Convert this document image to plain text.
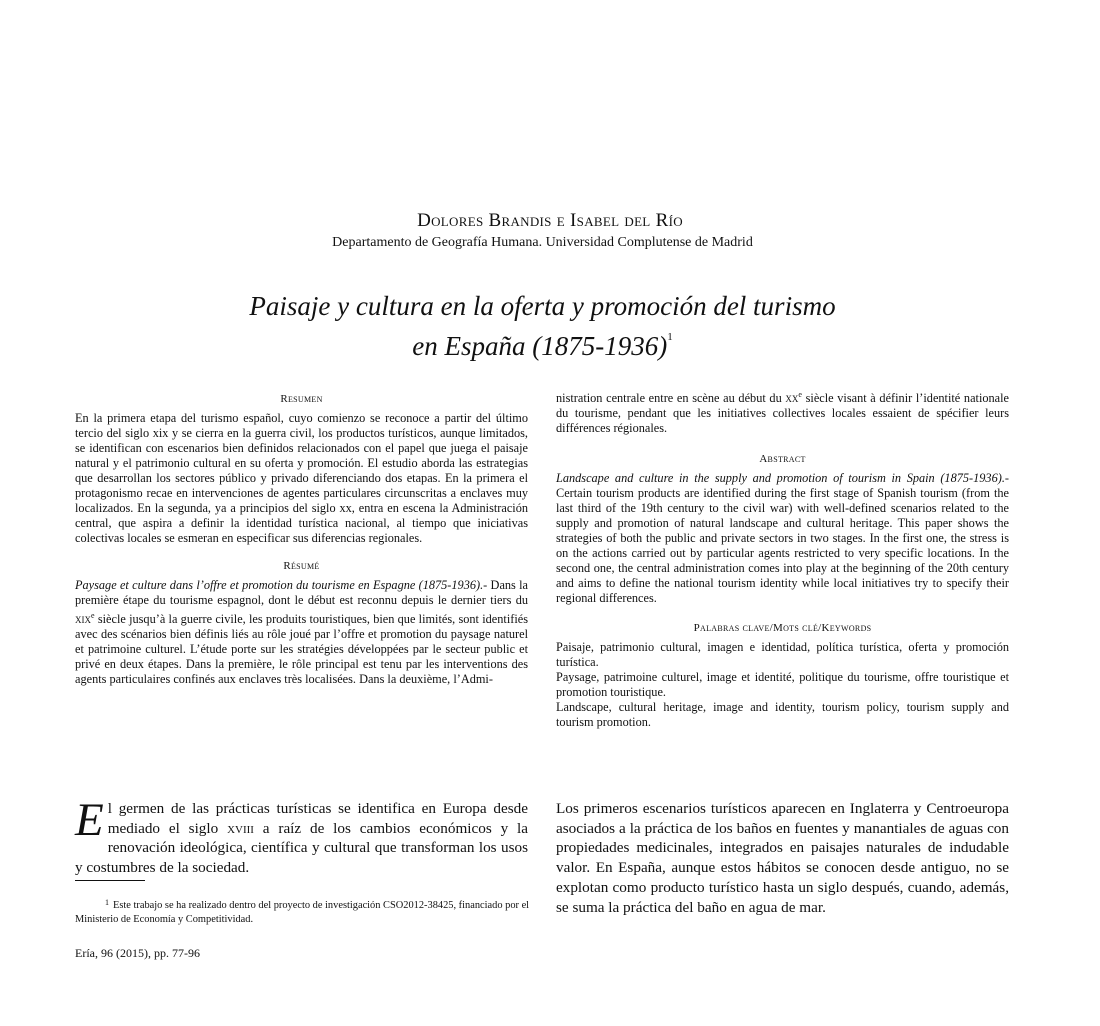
Dolores Brandis e Isabel del Río
Departamento de Geografía Humana. Universidad Complutense de Madrid
Paisaje y cultura en la oferta y promoción del turismo
en España (1875-1936)$^1$
Resumen

En la primera etapa del turismo español, cuyo comienzo se reconoce a partir del último tercio del siglo xix y se cierra en la guerra civil, los productos turísticos, aunque limitados, se identifican con escenarios bien definidos relacionados con el papel que juega el paisaje natural y el patrimonio cultural en su oferta y promoción. El estudio aborda las estrategias que desarrollan los sectores público y privado diferenciando dos etapas. En la primera el protagonismo recae en intervenciones de agentes particulares circunscritas a enclaves muy localizados. En la segunda, ya a principios del siglo xx, entra en escena la Administración central, que aspira a definir la identidad turística nacional, al tiempo que iniciativas colectivas locales se esmeran en especificar sus diferencias regionales.

Résumé

Paysage et culture dans l’offre et promotion du tourisme en Espagne (1875-1936).- Dans la première étape du tourisme espagnol, dont le début est reconnu depuis le dernier tiers du xix$^e$ siècle jusqu’à la guerre civile, les produits touristiques, bien que limités, sont identifiés avec des scénarios bien définis liés au rôle joué par l’offre et promotion du paysage naturel et patrimoine culturel. L’étude porte sur les stratégies développées par le secteur public et privé en deux étapes. Dans la première, le rôle principal est tenu par les interventions des agents particulaires confinés aux enclaves très localisées. Dans la deuxième, l’Admi-

nistration centrale entre en scène au début du $xx^e$ siècle visant à définir l’identité nationale du tourisme, pendant que les initiatives collectives locales essaient de spécifier leurs différences régionales.

Abstract

Landscape and culture in the supply and promotion of tourism in Spain (1875-1936).- Certain tourism products are identified during the first stage of Spanish tourism (from the last third of the 19th century to the civil war) with well-defined scenarios related to the supply and promotion of natural landscape and cultural heritage. This paper shows the strategies of both the public and private sectors in two stages. In the first one, the stress is on the actions carried out by particular agents restricted to very specific locations. In the second one, the central administration comes into play at the beginning of the 20th century and aims to define the national tourism identity while local initiatives try to specify their regional differences.

Palabras clave/Mots clé/Keywords

Paisaje, patrimonio cultural, imagen e identidad, política turística, oferta y promoción turística.

Paysage, patrimoine culturel, image et identité, politique du tourisme, offre touristique et promotion touristique.

Landscape, cultural heritage, image and identity, tourism policy, tourism supply and tourism promotion.

El germen de las prácticas turísticas se identifica en Europa desde mediado el siglo xviii a raíz de los cambios económicos y la renovación ideológica, científica y cultural que transforman los usos y costumbres de la sociedad.
Los primeros escenarios turísticos aparecen en Inglaterra y Centroeuropa asociados a la práctica de los baños en fuentes y manantiales de aguas con propiedades medicinales, integrados en paisajes naturales de indudable valor. En España, aunque estos hábitos se conocen desde antiguo, no se explotan como producto turístico hasta un siglo después, cuando, además, se suma la práctica del baño en agua de mar.
$^1$ Este trabajo se ha realizado dentro del proyecto de investigación CSO2012-38425, financiado por el Ministerio de Economía y Competitividad.
Ería, 96 (2015), pp. 77-96
